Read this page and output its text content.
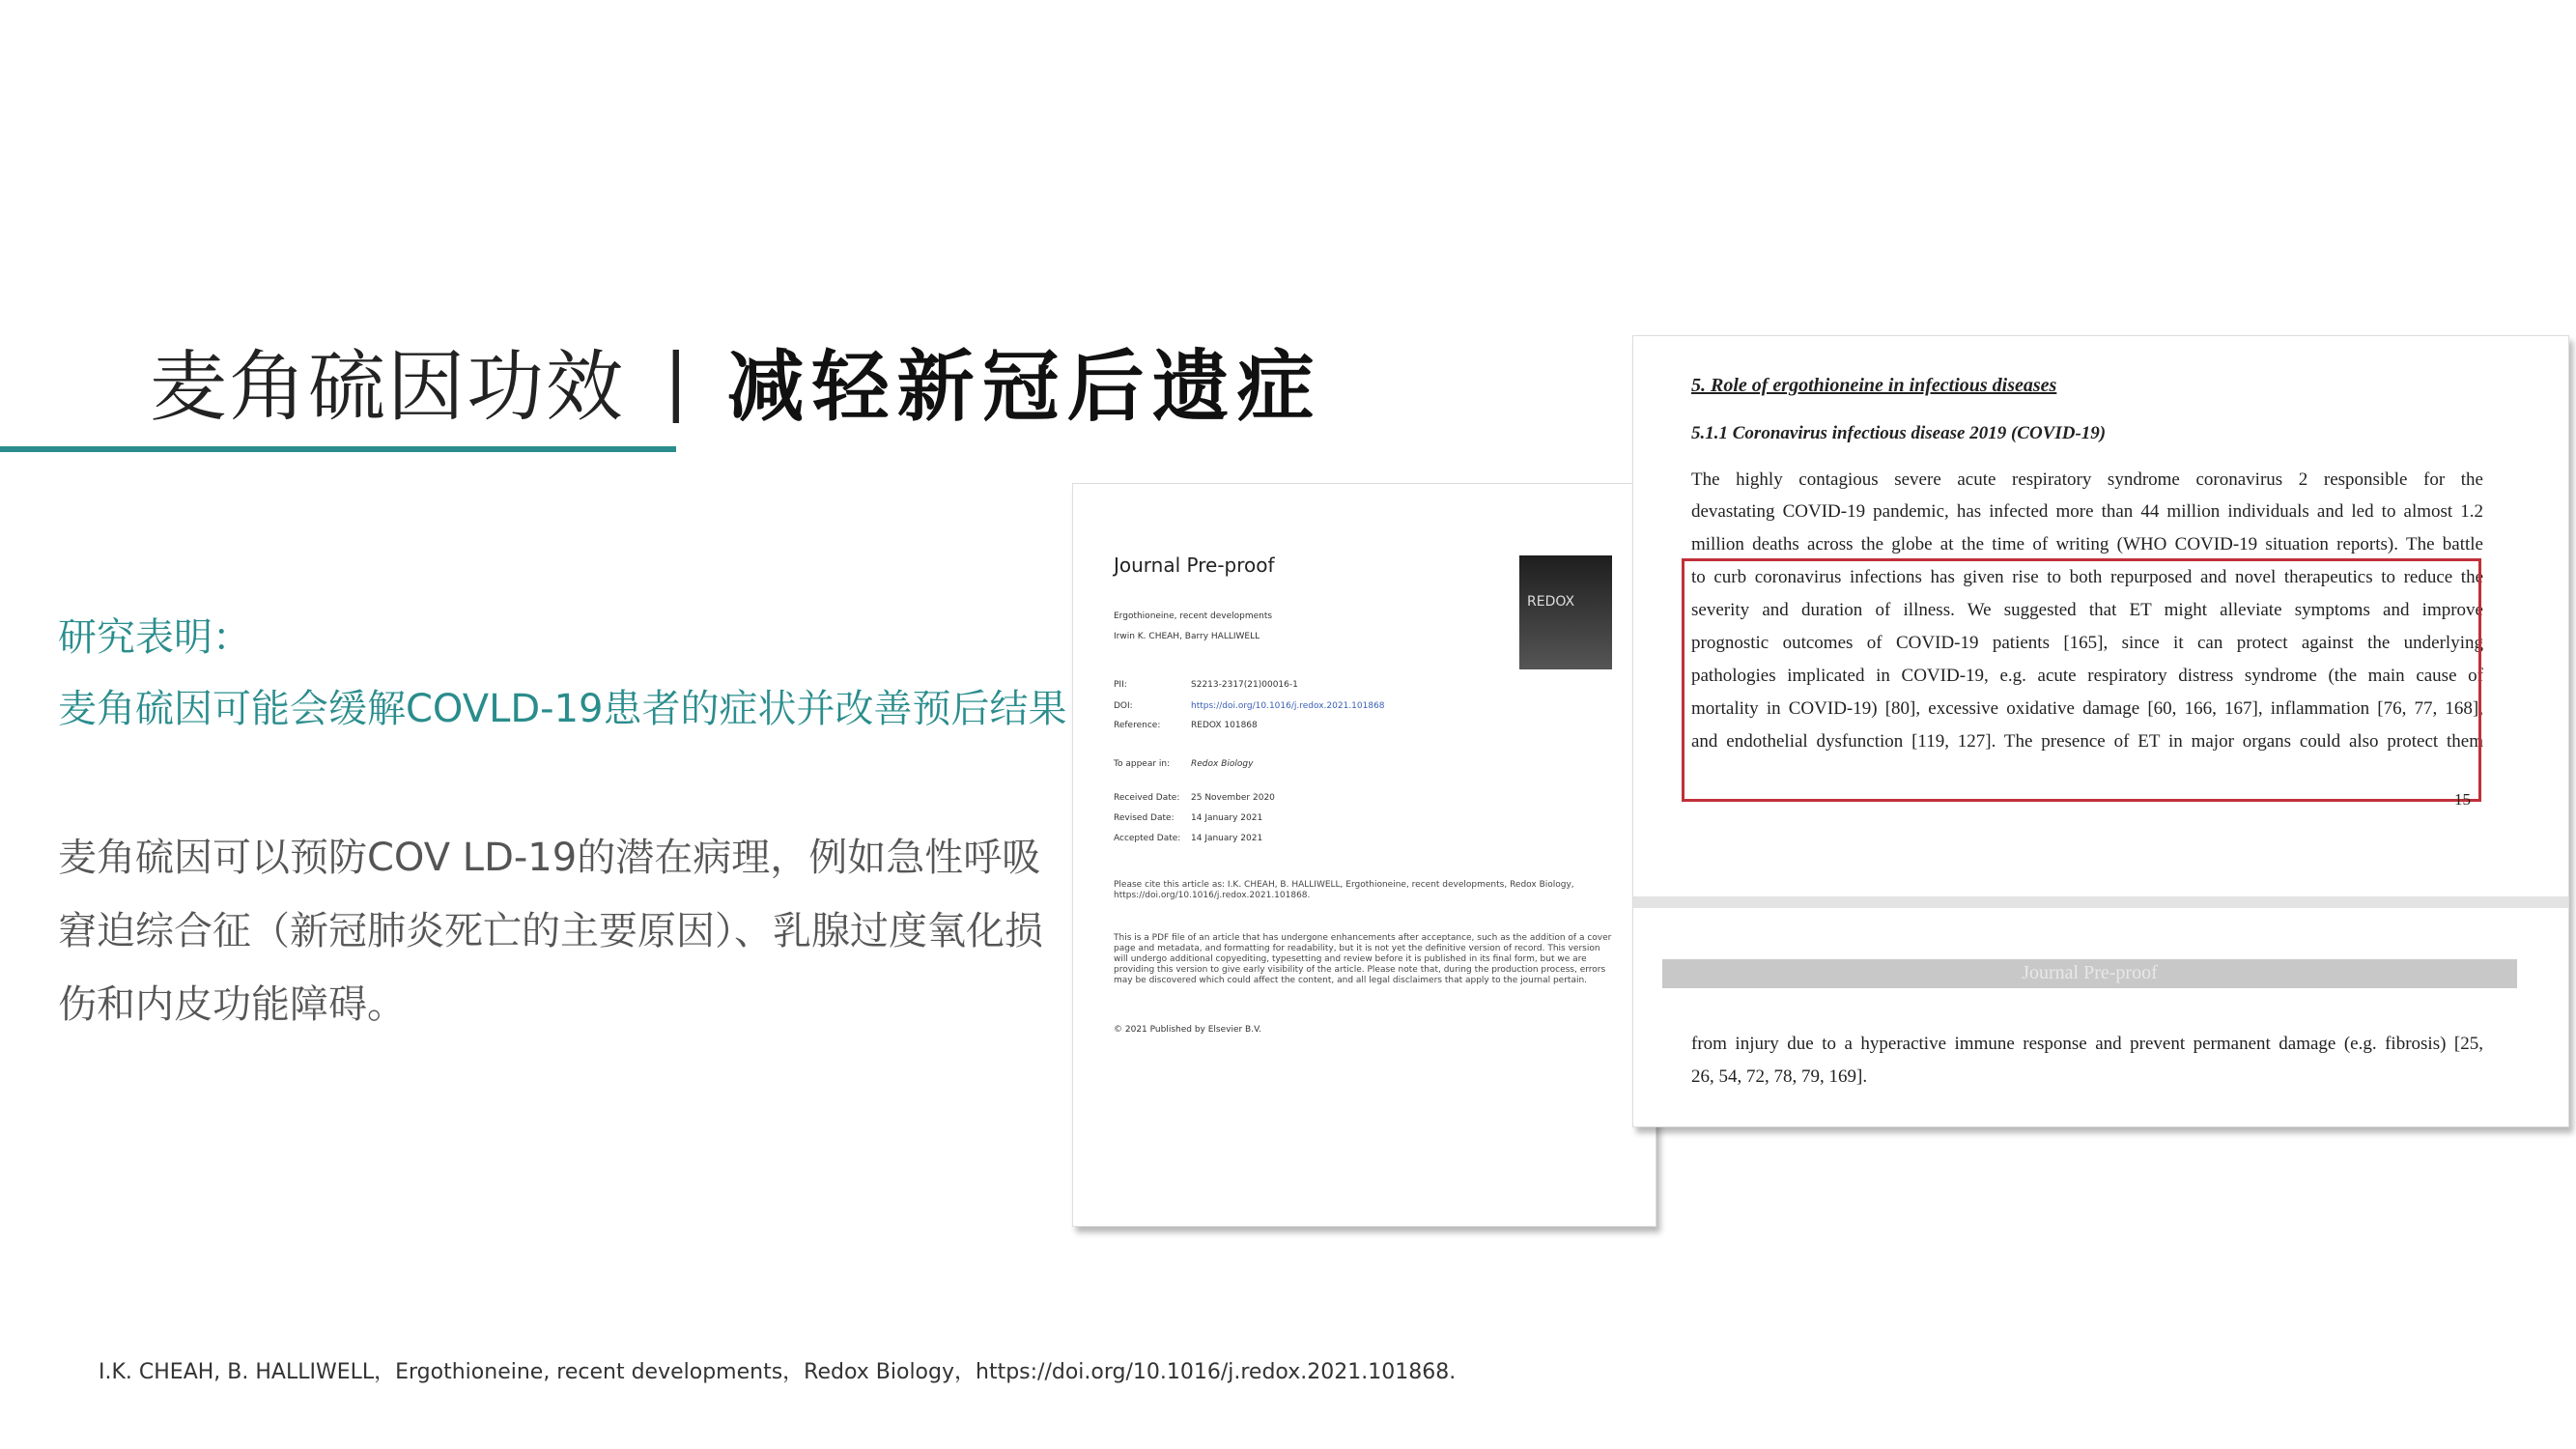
麦角硫因功效 | 减轻新冠后遗症
研究表明：
麦角硫因可能会缓解COVLD-19患者的症状并改善预后结果
麦角硫因可以预防COV LD-19的潜在病理，例如急性呼吸窘迫综合征（新冠肺炎死亡的主要原因）、乳腺过度氧化损伤和内皮功能障碍。
Journal Pre-proof
REDOX
Ergothioneine, recent developments
Irwin K. CHEAH, Barry HALLIWELL
PII:	S2213-2317(21)00016-1
DOI:	https://doi.org/10.1016/j.redox.2021.101868
Reference:	REDOX 101868
To appear in: Redox Biology
Received Date: 25 November 2020
Revised Date: 14 January 2021
Accepted Date: 14 January 2021
Please cite this article as: I.K. CHEAH, B. HALLIWELL, Ergothioneine, recent developments, Redox Biology, https://doi.org/10.1016/j.redox.2021.101868.
This is a PDF file of an article that has undergone enhancements after acceptance, such as the addition of a cover page and metadata, and formatting for readability, but it is not yet the definitive version of record. This version will undergo additional copyediting, typesetting and review before it is published in its final form, but we are providing this version to give early visibility of the article. Please note that, during the production process, errors may be discovered which could affect the content, and all legal disclaimers that apply to the journal pertain.
© 2021 Published by Elsevier B.V.
5. Role of ergothioneine in infectious diseases
5.1.1 Coronavirus infectious disease 2019 (COVID-19)
The highly contagious severe acute respiratory syndrome coronavirus 2 responsible for the
devastating COVID-19 pandemic, has infected more than 44 million individuals and led to almost 1.2
million deaths across the globe at the time of writing (WHO COVID-19 situation reports). The battle
to curb coronavirus infections has given rise to both repurposed and novel therapeutics to reduce the
severity and duration of illness. We suggested that ET might alleviate symptoms and improve
prognostic outcomes of COVID-19 patients [165], since it can protect against the underlying
pathologies implicated in COVID-19, e.g. acute respiratory distress syndrome (the main cause of
mortality in COVID-19) [80], excessive oxidative damage [60, 166, 167], inflammation [76, 77, 168],
and endothelial dysfunction [119, 127]. The presence of ET in major organs could also protect them
15
Journal Pre-proof
from injury due to a hyperactive immune response and prevent permanent damage (e.g. fibrosis) [25,
26, 54, 72, 78, 79, 169].
I.K. CHEAH, B. HALLIWELL，Ergothioneine, recent developments，Redox Biology，https://doi.org/10.1016/j.redox.2021.101868.
